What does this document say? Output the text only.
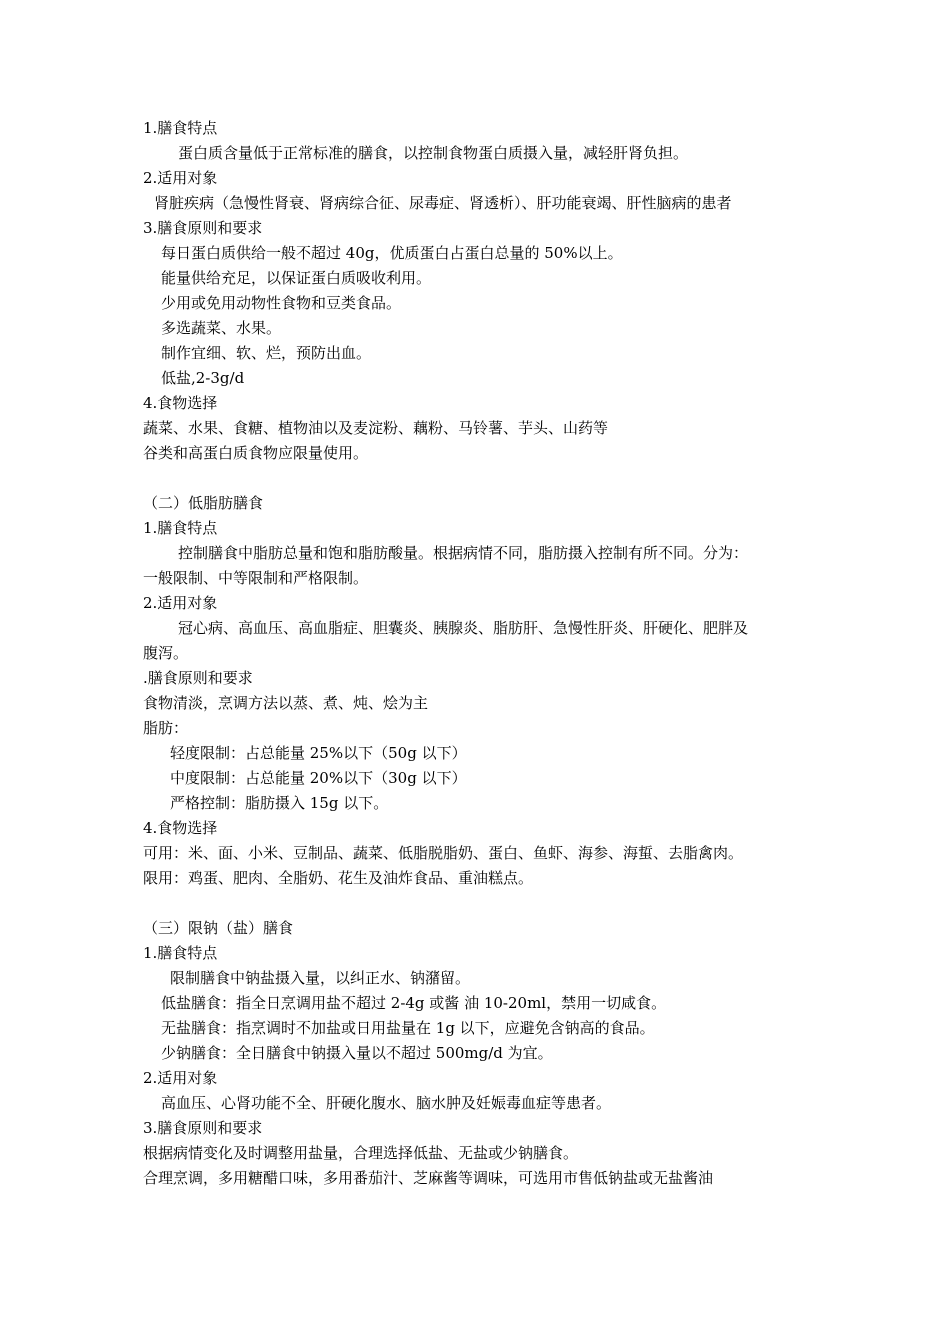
1.膳食特点
蛋白质含量低于正常标准的膳食，以控制食物蛋白质摄入量，减轻肝肾负担。
2.适用对象
肾脏疾病（急慢性肾衰、肾病综合征、尿毒症、肾透析）、肝功能衰竭、肝性脑病的患者
3.膳食原则和要求
每日蛋白质供给一般不超过 40g，优质蛋白占蛋白总量的 50%以上。
能量供给充足，以保证蛋白质吸收利用。
少用或免用动物性食物和豆类食品。
多选蔬菜、水果。
制作宜细、软、烂，预防出血。
低盐,2-3g/d
4.食物选择
蔬菜、水果、食糖、植物油以及麦淀粉、藕粉、马铃薯、芋头、山药等
谷类和高蛋白质食物应限量使用。
（二）低脂肪膳食
1.膳食特点
控制膳食中脂肪总量和饱和脂肪酸量。根据病情不同，脂肪摄入控制有所不同。分为：
一般限制、中等限制和严格限制。
2.适用对象
冠心病、高血压、高血脂症、胆囊炎、胰腺炎、脂肪肝、急慢性肝炎、肝硬化、肥胖及
腹泻。
.膳食原则和要求
食物清淡，烹调方法以蒸、煮、炖、烩为主
脂肪：
轻度限制：占总能量 25%以下（50g 以下）
中度限制：占总能量 20%以下（30g 以下）
严格控制：脂肪摄入 15g 以下。
4.食物选择
可用：米、面、小米、豆制品、蔬菜、低脂脱脂奶、蛋白、鱼虾、海参、海蜇、去脂禽肉。
限用：鸡蛋、肥肉、全脂奶、花生及油炸食品、重油糕点。
（三）限钠（盐）膳食
1.膳食特点
限制膳食中钠盐摄入量，以纠正水、钠潴留。
低盐膳食：指全日烹调用盐不超过 2-4g 或酱 油 10-20ml，禁用一切咸食。
无盐膳食：指烹调时不加盐或日用盐量在 1g 以下，应避免含钠高的食品。
少钠膳食：全日膳食中钠摄入量以不超过 500mg/d 为宜。
2.适用对象
高血压、心肾功能不全、肝硬化腹水、脑水肿及妊娠毒血症等患者。
3.膳食原则和要求
根据病情变化及时调整用盐量，合理选择低盐、无盐或少钠膳食。
合理烹调，多用糖醋口味，多用番茄汁、芝麻酱等调味，可选用市售低钠盐或无盐酱油
